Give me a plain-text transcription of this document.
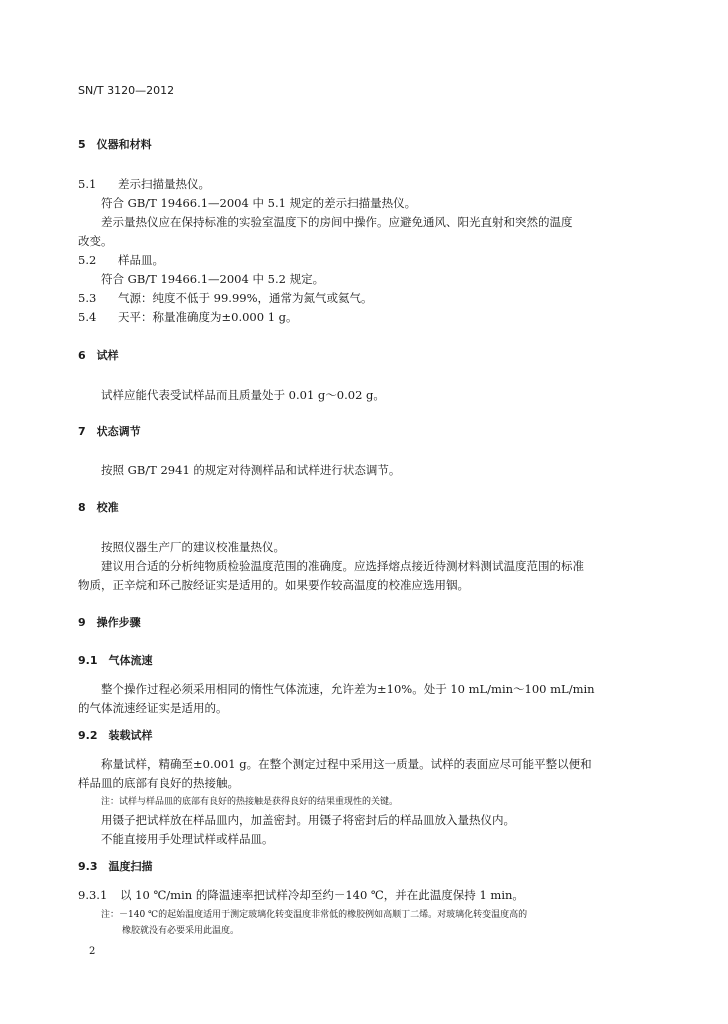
SN/T 3120—2012
5　仪器和材料
5.1 差示扫描量热仪。
符合 GB/T 19466.1—2004 中 5.1 规定的差示扫描量热仪。
差示量热仪应在保持标准的实验室温度下的房间中操作。应避免通风、阳光直射和突然的温度
改变。
5.2 样品皿。
符合 GB/T 19466.1—2004 中 5.2 规定。
5.3 气源：纯度不低于 99.99%，通常为氮气或氦气。
5.4 天平：称量准确度为±0.000 1 g。
6　试样
试样应能代表受试样品而且质量处于 0.01 g～0.02 g。
7　状态调节
按照 GB/T 2941 的规定对待测样品和试样进行状态调节。
8　校准
按照仪器生产厂的建议校准量热仪。
建议用合适的分析纯物质检验温度范围的准确度。应选择熔点接近待测材料测试温度范围的标准
物质，正辛烷和环己胺经证实是适用的。如果要作较高温度的校准应选用铟。
9　操作步骤
9.1　气体流速
整个操作过程必须采用相同的惰性气体流速，允许差为±10%。处于 10 mL/min～100 mL/min
的气体流速经证实是适用的。
9.2　装载试样
称量试样，精确至±0.001 g。在整个测定过程中采用这一质量。试样的表面应尽可能平整以便和
样品皿的底部有良好的热接触。
注：试样与样品皿的底部有良好的热接触是获得良好的结果重现性的关键。
用镊子把试样放在样品皿内，加盖密封。用镊子将密封后的样品皿放入量热仪内。
不能直接用手处理试样或样品皿。
9.3　温度扫描
9.3.1 以 10 ℃/min 的降温速率把试样冷却至约－140 ℃，并在此温度保持 1 min。
注：－140 ℃的起始温度适用于测定玻璃化转变温度非常低的橡胶例如高顺丁二烯。对玻璃化转变温度高的
橡胶就没有必要采用此温度。
2
